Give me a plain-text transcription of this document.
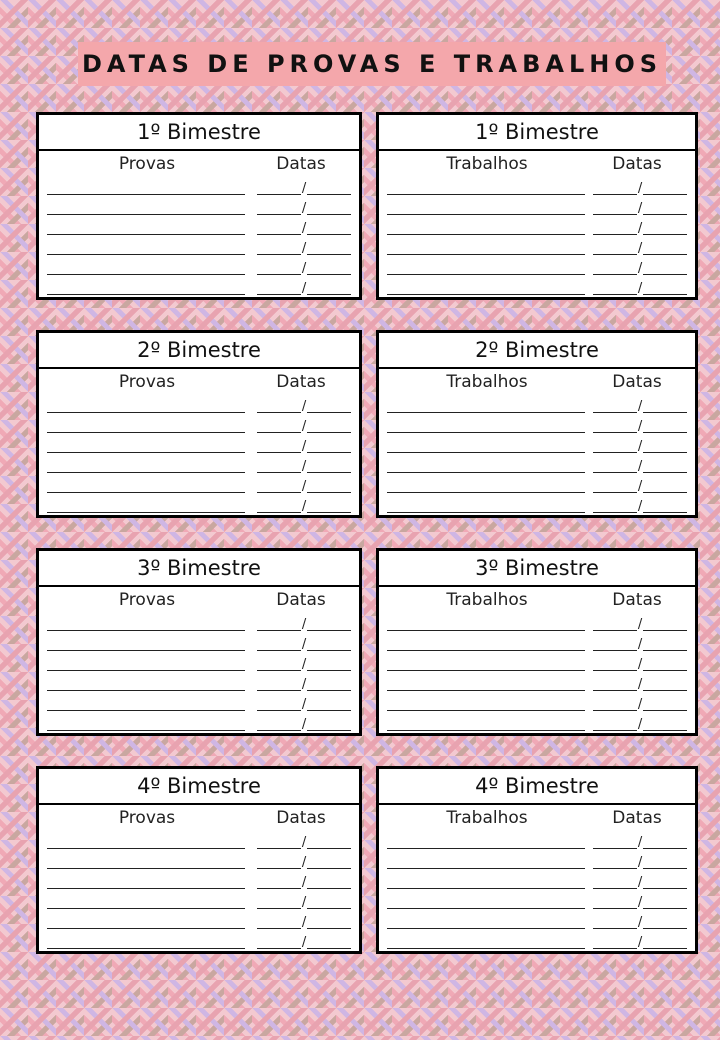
DATAS DE PROVAS E TRABALHOS
1º Bimestre
Provas	Datas
/
/
/
/
/
/
1º Bimestre
Trabalhos	Datas
/
/
/
/
/
/
2º Bimestre
Provas	Datas
/
/
/
/
/
/
2º Bimestre
Trabalhos	Datas
/
/
/
/
/
/
3º Bimestre
Provas	Datas
/
/
/
/
/
/
3º Bimestre
Trabalhos	Datas
/
/
/
/
/
/
4º Bimestre
Provas	Datas
/
/
/
/
/
/
4º Bimestre
Trabalhos	Datas
/
/
/
/
/
/
